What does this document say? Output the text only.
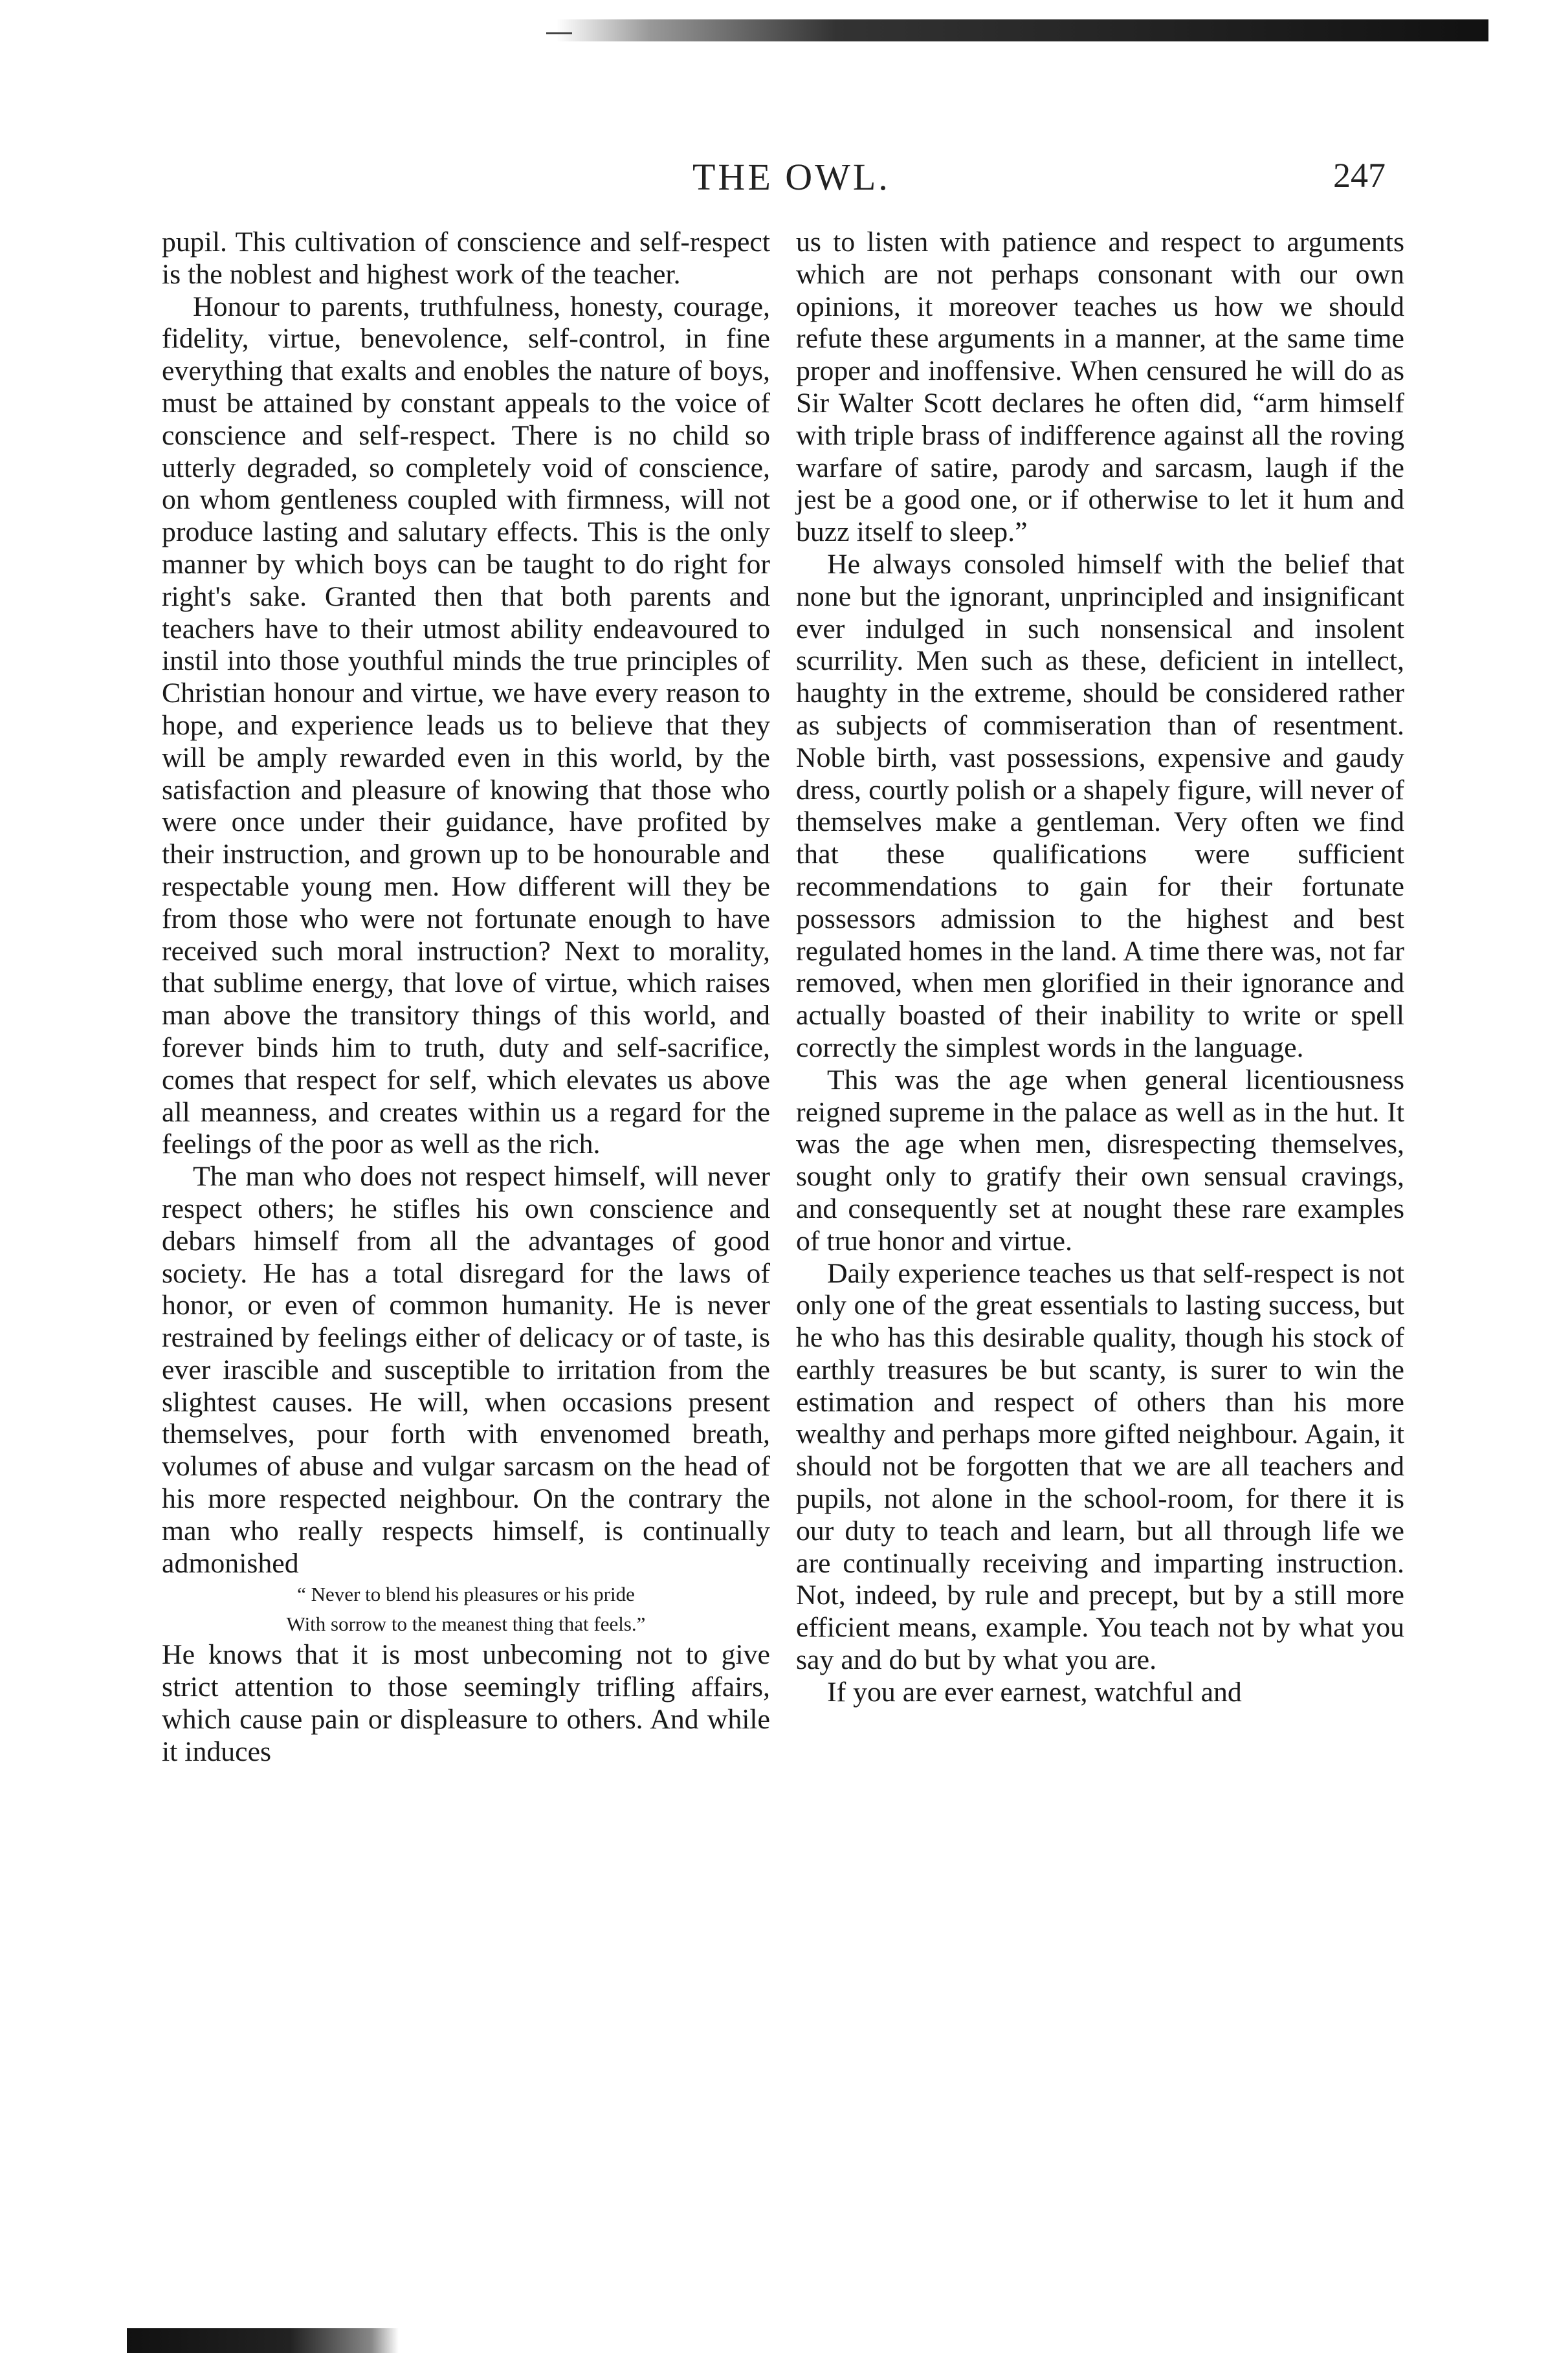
THE OWL.	247

pupil. This cultivation of conscience and self-respect is the noblest and highest work of the teacher.

Honour to parents, truthfulness, honesty, courage, fidelity, virtue, benevolence, self-control, in fine everything that exalts and enobles the nature of boys, must be attained by constant appeals to the voice of conscience and self-respect. There is no child so utterly degraded, so completely void of conscience, on whom gentleness coupled with firmness, will not produce lasting and salutary effects. This is the only manner by which boys can be taught to do right for right's sake. Granted then that both parents and teachers have to their utmost ability endeavoured to instil into those youthful minds the true principles of Christian honour and virtue, we have every reason to hope, and experience leads us to believe that they will be amply rewarded even in this world, by the satisfaction and pleasure of knowing that those who were once under their guidance, have profited by their instruction, and grown up to be honourable and respectable young men. How different will they be from those who were not fortunate enough to have received such moral instruction? Next to morality, that sublime energy, that love of virtue, which raises man above the transitory things of this world, and forever binds him to truth, duty and self-sacrifice, comes that respect for self, which elevates us above all meanness, and creates within us a regard for the feelings of the poor as well as the rich.

The man who does not respect himself, will never respect others; he stifles his own conscience and debars himself from all the advantages of good society. He has a total disregard for the laws of honor, or even of common humanity. He is never restrained by feelings either of delicacy or of taste, is ever irascible and susceptible to irritation from the slightest causes. He will, when occasions present themselves, pour forth with envenomed breath, volumes of abuse and vulgar sarcasm on the head of his more respected neighbour. On the contrary the man who really respects himself, is continually admonished

“ Never to blend his pleasures or his pride

With sorrow to the meanest thing that feels.”

He knows that it is most unbecoming not to give strict attention to those seemingly trifling affairs, which cause pain or displeasure to others. And while it induces

us to listen with patience and respect to arguments which are not perhaps consonant with our own opinions, it moreover teaches us how we should refute these arguments in a manner, at the same time proper and inoffensive. When censured he will do as Sir Walter Scott declares he often did, “arm himself with triple brass of indifference against all the roving warfare of satire, parody and sarcasm, laugh if the jest be a good one, or if otherwise to let it hum and buzz itself to sleep.”

He always consoled himself with the belief that none but the ignorant, unprincipled and insignificant ever indulged in such nonsensical and insolent scurrility. Men such as these, deficient in intellect, haughty in the extreme, should be considered rather as subjects of commiseration than of resentment. Noble birth, vast possessions, expensive and gaudy dress, courtly polish or a shapely figure, will never of themselves make a gentleman. Very often we find that these qualifications were sufficient recommendations to gain for their fortunate possessors admission to the highest and best regulated homes in the land. A time there was, not far removed, when men glorified in their ignorance and actually boasted of their inability to write or spell correctly the simplest words in the language.

This was the age when general licentiousness reigned supreme in the palace as well as in the hut. It was the age when men, disrespecting themselves, sought only to gratify their own sensual cravings, and consequently set at nought these rare examples of true honor and virtue.

Daily experience teaches us that self-respect is not only one of the great essentials to lasting success, but he who has this desirable quality, though his stock of earthly treasures be but scanty, is surer to win the estimation and respect of others than his more wealthy and perhaps more gifted neighbour. Again, it should not be forgotten that we are all teachers and pupils, not alone in the school-room, for there it is our duty to teach and learn, but all through life we are continually receiving and imparting instruction. Not, indeed, by rule and precept, but by a still more efficient means, example. You teach not by what you say and do but by what you are.

If you are ever earnest, watchful and
